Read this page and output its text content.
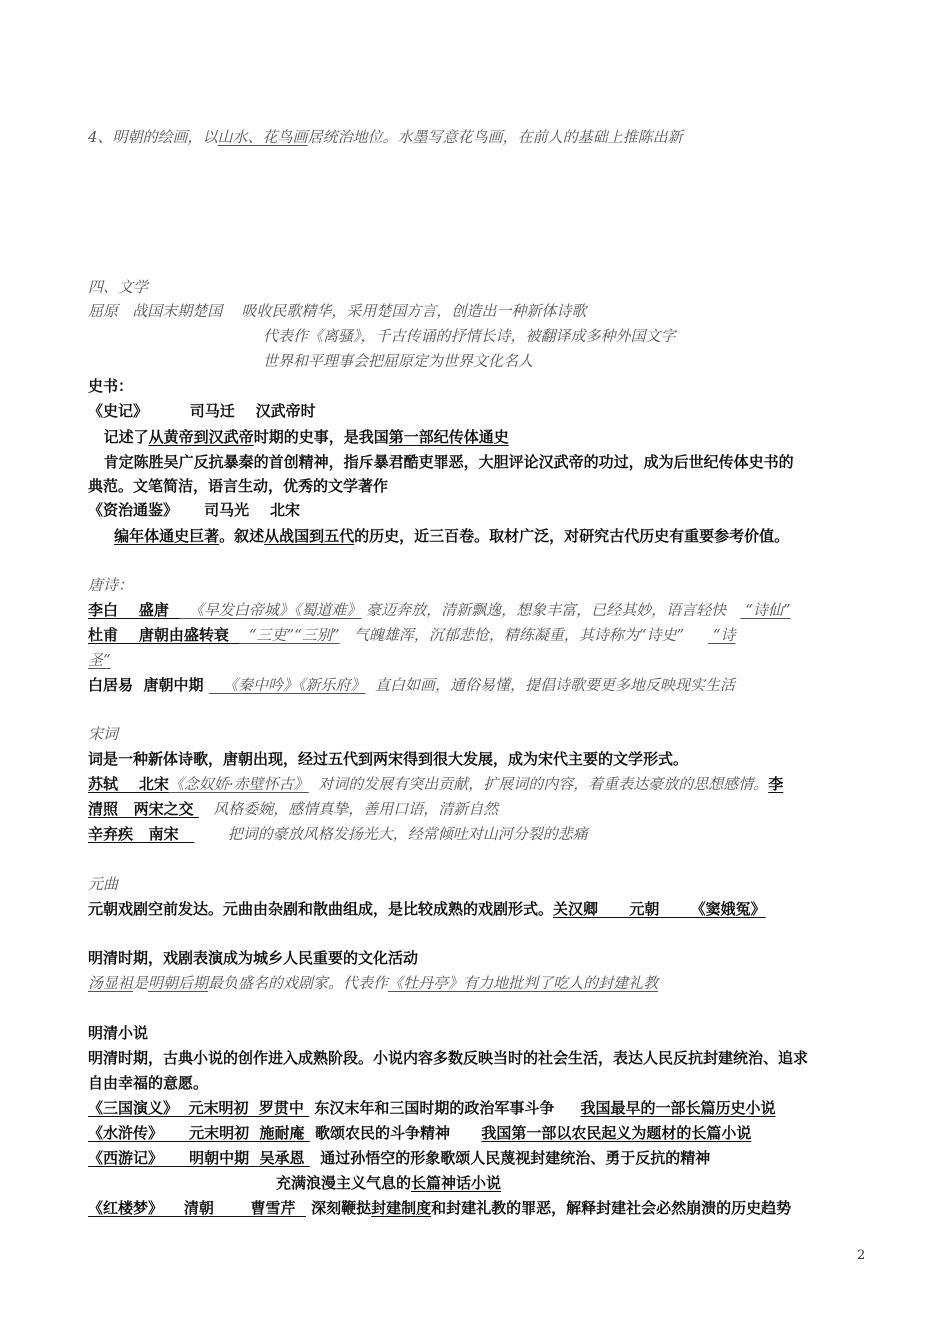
4、明朝的绘画，以山水、花鸟画居统治地位。水墨写意花鸟画，在前人的基础上推陈出新
四、文学
屈原   战国末期楚国    吸收民歌精华，采用楚国方言，创造出一种新体诗歌
代表作《离骚》，千古传诵的抒情长诗，被翻译成多种外国文字
世界和平理事会把屈原定为世界文化名人
史书：
《史记》        司马迁    汉武帝时
记述了从黄帝到汉武帝时期的史事，是我国第一部纪传体通史
肯定陈胜吴广反抗暴秦的首创精神，指斥暴君酷吏罪恶，大胆评论汉武帝的功过，成为后世纪传体史书的
典范。文笔简洁，语言生动，优秀的文学著作
《资治通鉴》     司马光    北宋
编年体通史巨著。叙述从战国到五代的历史，近三百卷。取材广泛，对研究古代历史有重要参考价值。
唐诗：
李白    盛唐    《早发白帝城》《蜀道难》 豪迈奔放，清新飘逸，想象丰富，已经其妙，语言轻快    “诗仙”
杜甫    唐朝由盛转衰    “三吏”“三别”   气魄雄浑，沉郁悲怆，精练凝重，其诗称为“诗史”      “诗
圣”
白居易  唐朝中期    《秦中吟》《新乐府》  直白如画，通俗易懂，提倡诗歌要更多地反映现实生活
宋词
词是一种新体诗歌，唐朝出现，经过五代到两宋得到很大发展，成为宋代主要的文学形式。
苏轼    北宋《念奴娇·赤壁怀古》  对词的发展有突出贡献，扩展词的内容，着重表达豪放的思想感情。李
清照   两宋之交    风格委婉，感情真挚，善用口语，清新自然
辛弃疾   南宋          把词的豪放风格发扬光大，经常倾吐对山河分裂的悲痛
元曲
元朝戏剧空前发达。元曲由杂剧和散曲组成，是比较成熟的戏剧形式。关汉卿      元朝      《窦娥冤》
明清时期，戏剧表演成为城乡人民重要的文化活动
汤显祖是明朝后期最负盛名的戏剧家。代表作《牡丹亭》有力地批判了吃人的封建礼教
明清小说
明清时期，古典小说的创作进入成熟阶段。小说内容多数反映当时的社会生活，表达人民反抗封建统治、追求
自由幸福的意愿。
《三国演义》  元末明初  罗贯中  东汉末年和三国时期的政治军事斗争     我国最早的一部长篇历史小说
《水浒传》     元末明初  施耐庵  歌颂农民的斗争精神      我国第一部以农民起义为题材的长篇小说
《西游记》     明朝中期  吴承恩   通过孙悟空的形象歌颂人民蔑视封建统治、勇于反抗的精神
充满浪漫主义气息的长篇神话小说
《红楼梦》    清朝       曹雪芹   深刻鞭挞封建制度和封建礼教的罪恶，解释封建社会必然崩溃的历史趋势
2
